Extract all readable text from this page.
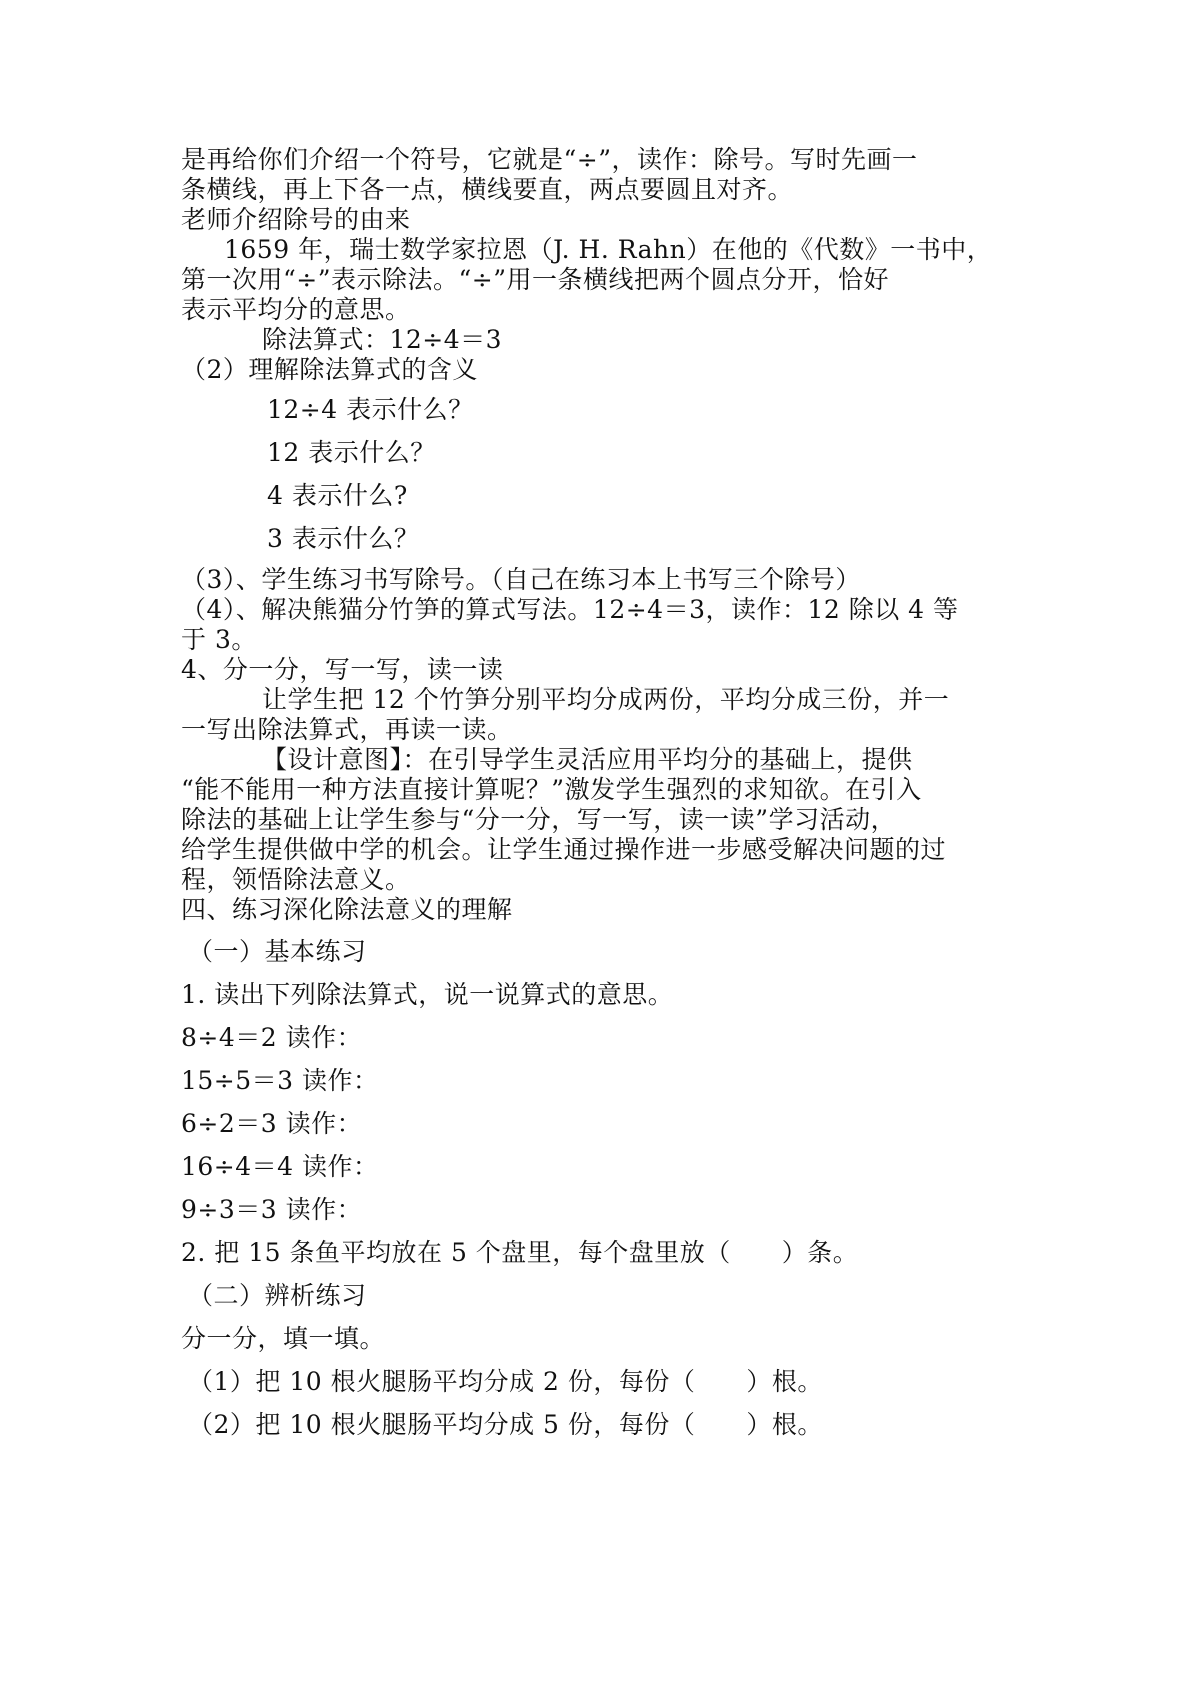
是再给你们介绍一个符号，它就是“÷”，读作：除号。写时先画一

条横线，再上下各一点，横线要直，两点要圆且对齐。

老师介绍除号的由来

1659 年，瑞士数学家拉恩（J. H. Rahn）在他的《代数》一书中，

第一次用“÷”表示除法。“÷”用一条横线把两个圆点分开，恰好

表示平均分的意思。

除法算式：12÷4＝3

（2）理解除法算式的含义

12÷4 表示什么？

12 表示什么？

4 表示什么?

3 表示什么？

（3）、学生练习书写除号。（自己在练习本上书写三个除号）

（4）、解决熊猫分竹笋的算式写法。12÷4＝3，读作：12 除以 4 等

于 3。

4、分一分，写一写，读一读

让学生把 12 个竹笋分别平均分成两份，平均分成三份，并一

一写出除法算式，再读一读。

【设计意图】：在引导学生灵活应用平均分的基础上，提供

“能不能用一种方法直接计算呢？”激发学生强烈的求知欲。在引入

除法的基础上让学生参与“分一分，写一写，读一读”学习活动，

给学生提供做中学的机会。让学生通过操作进一步感受解决问题的过

程，领悟除法意义。

四、练习深化除法意义的理解

（一）基本练习

1. 读出下列除法算式，说一说算式的意思。

8÷4＝2 读作：

15÷5＝3 读作：

6÷2＝3 读作：

16÷4＝4 读作：

9÷3＝3 读作：

2. 把 15 条鱼平均放在 5 个盘里，每个盘里放（　　）条。

（二）辨析练习

分一分，填一填。

（1）把 10 根火腿肠平均分成 2 份，每份（　　）根。

（2）把 10 根火腿肠平均分成 5 份，每份（　　）根。
